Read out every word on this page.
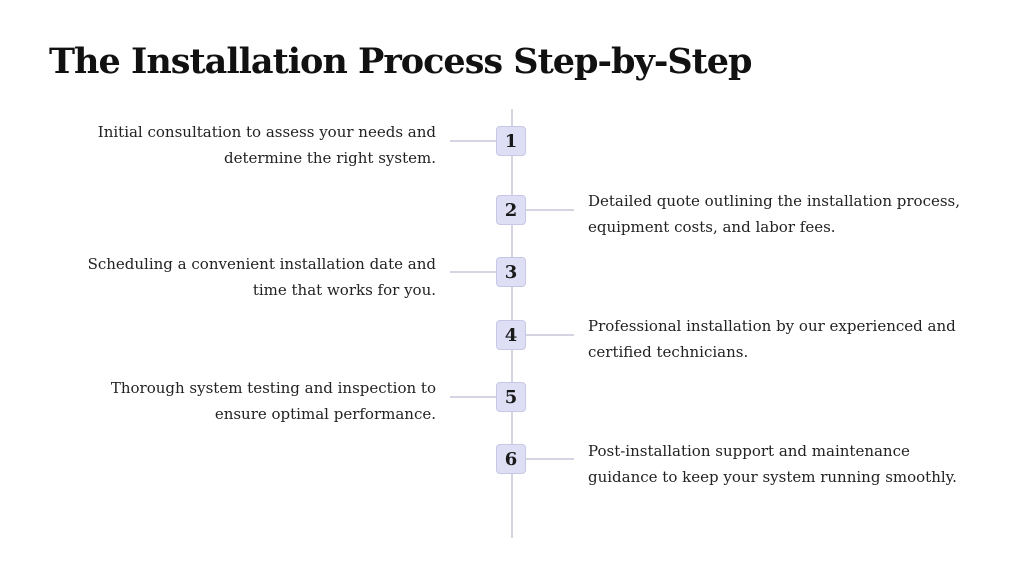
The Installation Process Step-by-Step
1

Initial consultation to assess your needs and determine the right system.

2	Detailed quote outlining the installation process, equipment costs, and labor fees.

3

Scheduling a convenient installation date and time that works for you.

4	Professional installation by our experienced and certified technicians.

5

Thorough system testing and inspection to ensure optimal performance.

6	Post-installation support and maintenance guidance to keep your system running smoothly.
